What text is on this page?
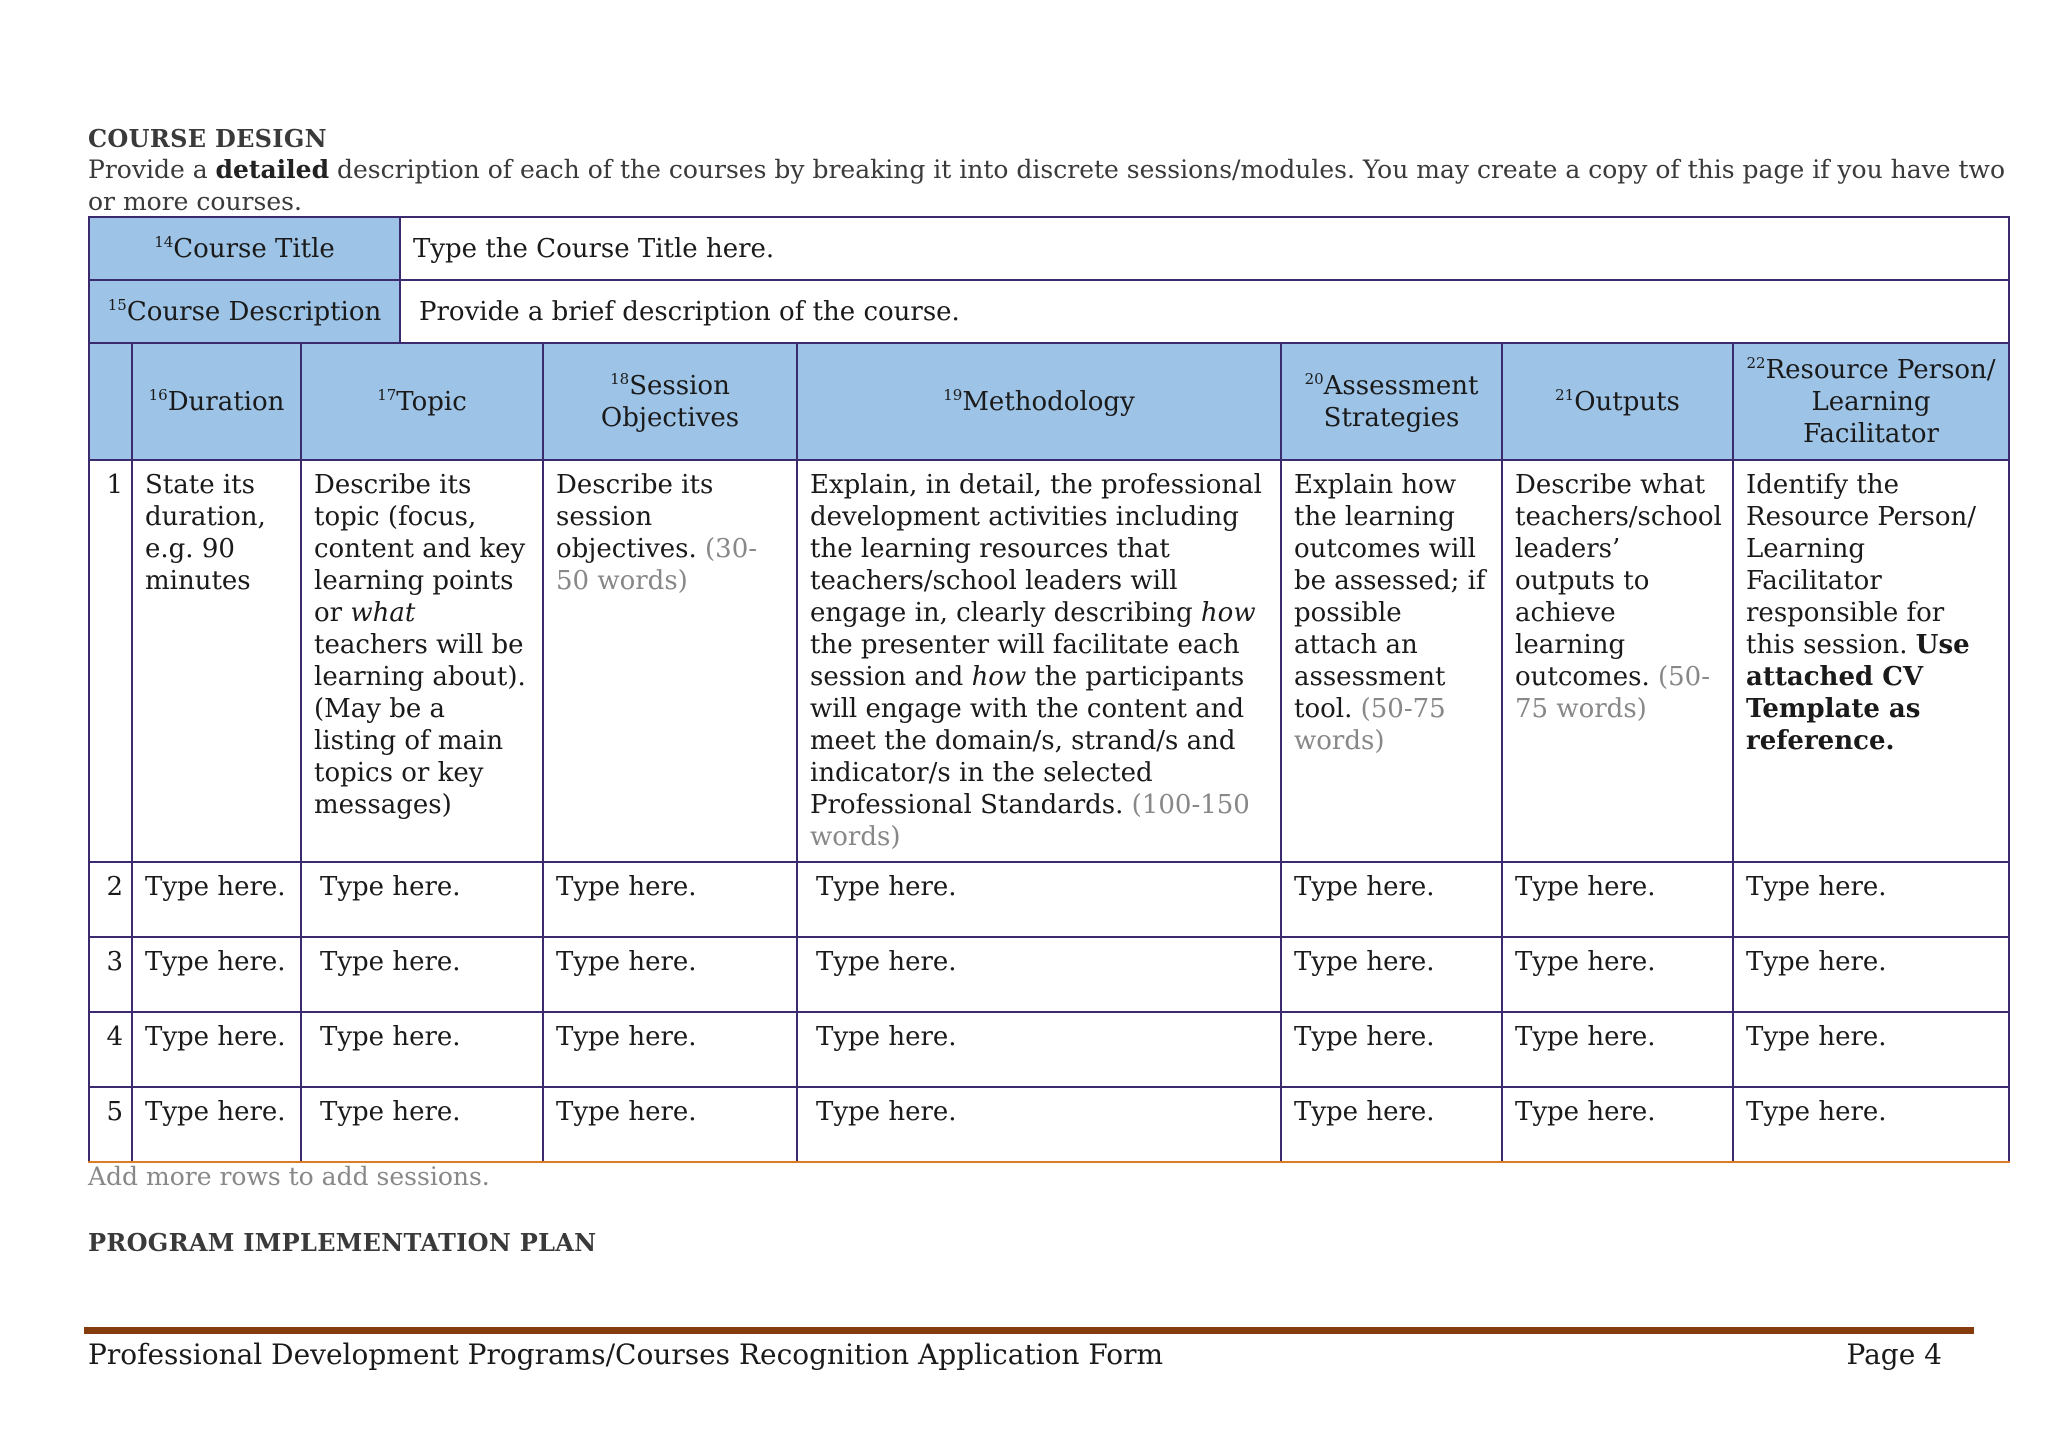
COURSE DESIGN
Provide a detailed description of each of the courses by breaking it into discrete sessions/modules. You may create a copy of this page if you have two or more courses.
$^{14}$Course Title			Type the Course Title here.					
$^{15}$Course Description			Provide a brief description of the course.					
	$^{16}$Duration	$^{17}$Topic		$^{18}$Session Objectives	$^{19}$Methodology	$^{20}$Assessment Strategies	$^{21}$Outputs	$^{22}$Resource Person/ Learning Facilitator
1	State its duration, e.g. 90 minutes	Describe its topic (focus, content and key learning points or what teachers will be learning about). (May be a listing of main topics or key messages)		Describe its session objectives. (30-50 words)	Explain, in detail, the professional development activities including the learning resources that teachers/school leaders will engage in, clearly describing how the presenter will facilitate each session and how the participants will engage with the content and meet the domain/s, strand/s and indicator/s in the selected Professional Standards. (100-150 words)	Explain how the learning outcomes will be assessed; if possible attach an assessment tool. (50-75 words)	Describe what teachers/school leaders’ outputs to achieve learning outcomes. (50-75 words)	Identify the Resource Person/ Learning Facilitator responsible for this session. Use attached CV Template as reference.
2	Type here.	Type here.		Type here.	Type here.	Type here.	Type here.	Type here.
3	Type here.	Type here.		Type here.	Type here.	Type here.	Type here.	Type here.
4	Type here.	Type here.		Type here.	Type here.	Type here.	Type here.	Type here.
5	Type here.	Type here.		Type here.	Type here.	Type here.	Type here.	Type here.
Add more rows to add sessions.
PROGRAM IMPLEMENTATION PLAN
Professional Development Programs/Courses Recognition Application Form	Page 4
